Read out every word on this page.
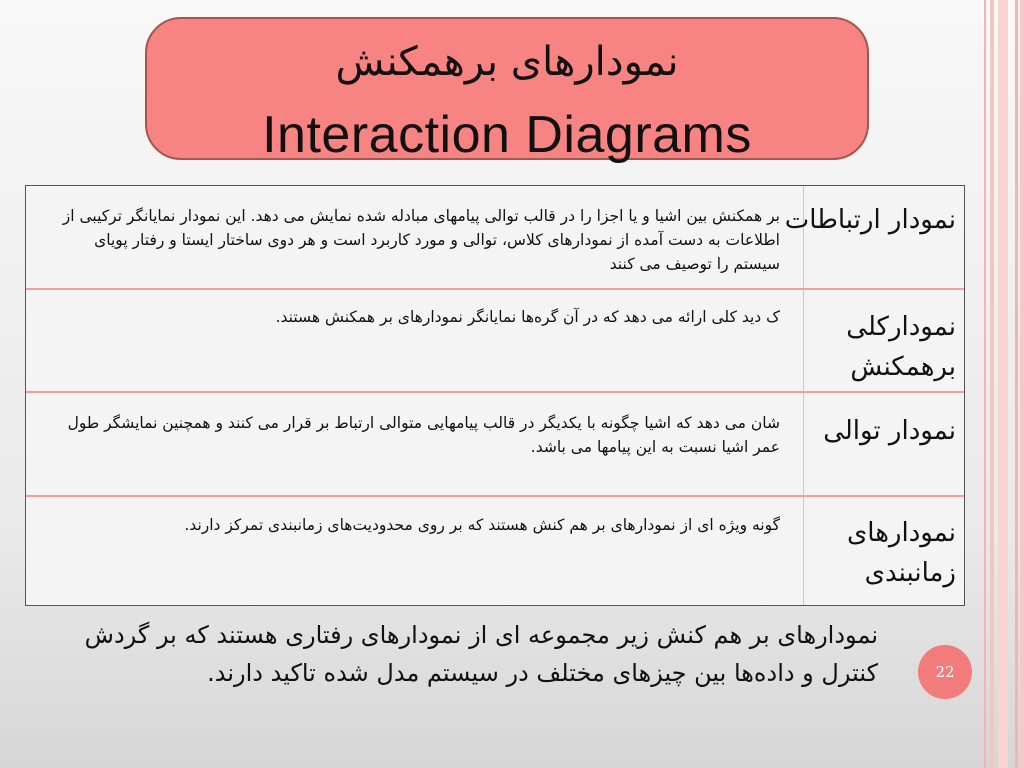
نمودارهای برهمکنش
Interaction Diagrams
نمودار ارتباطات
بر همکنش بین اشیا و یا اجزا را در قالب توالی پیامهای مبادله شده نمایش می دهد. این نمودار نمایانگر ترکیبی از اطلاعات به دست آمده از نمودارهای کلاس، توالی و مورد کاربرد است و هر دوی ساختار ایستا و رفتار پویای سیستم را توصیف می کنند
نمودارکلی برهمکنش
ک دید کلی ارائه می دهد که در آن گره‌ها نمایانگر نمودارهای بر همکنش هستند.
نمودار توالی
شان می دهد که اشیا چگونه با یکدیگر در قالب پیامهایی متوالی ارتباط بر قرار می کنند و همچنین نمایشگر طول عمر اشیا نسبت به این پیامها می باشد.
نمودارهای زمانبندی
گونه ویژه ای از نمودارهای بر هم کنش هستند که بر روی محدودیت‌های زمانبندی تمرکز دارند.
نمودارهای بر هم کنش زیر مجموعه ای از نمودارهای رفتاری هستند که بر گردش کنترل و داده‌ها بین چیزهای مختلف در سیستم مدل شده تاکید دارند.	22
